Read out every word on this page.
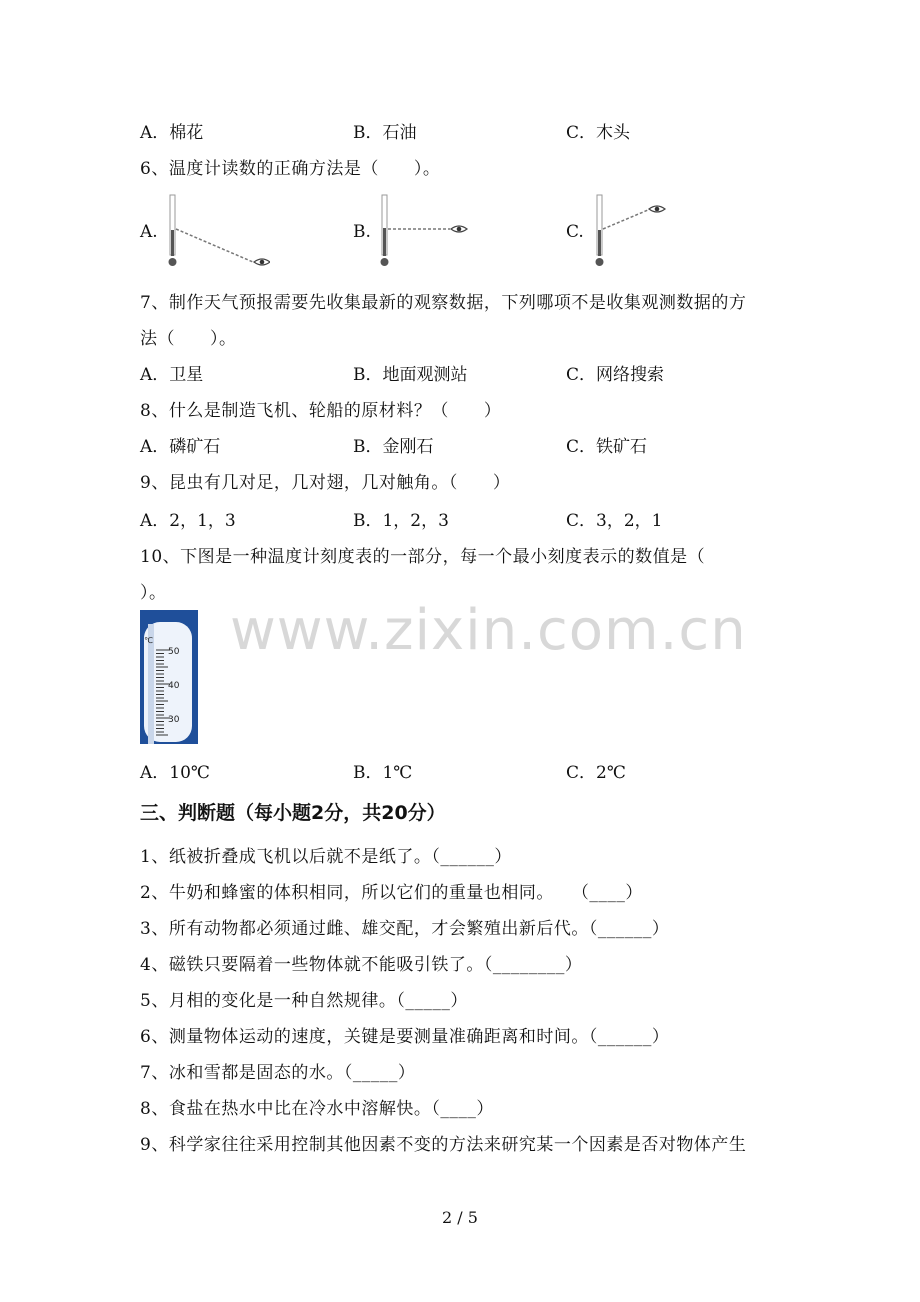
A．棉花	B．石油	C．木头
6、温度计读数的正确方法是（　　）。
A.	B.	C.
7、制作天气预报需要先收集最新的观察数据，下列哪项不是收集观测数据的方
法（　　）。
A．卫星	B．地面观测站	C．网络搜索
8、什么是制造飞机、轮船的原材料？（　　）
A．磷矿石	B．金刚石	C．铁矿石
9、昆虫有几对足，几对翅，几对触角。（　　）
A．2，1，3	B．1，2，3	C．3，2，1
10、下图是一种温度计刻度表的一部分，每一个最小刻度表示的数值是（
）。
℃
50
40
30
www.zixin.com.cn
A．10℃	B．1℃	C．2℃
三、判断题（每小题2分，共20分）
1、纸被折叠成飞机以后就不是纸了。（______）
2、牛奶和蜂蜜的体积相同，所以它们的重量也相同。　　（____）
3、所有动物都必须通过雌、雄交配，才会繁殖出新后代。（______）
4、磁铁只要隔着一些物体就不能吸引铁了。（________）
5、月相的变化是一种自然规律。（_____）
6、测量物体运动的速度，关键是要测量准确距离和时间。（______）
7、冰和雪都是固态的水。（_____）
8、食盐在热水中比在冷水中溶解快。（____）
9、科学家往往采用控制其他因素不变的方法来研究某一个因素是否对物体产生
2 / 5
